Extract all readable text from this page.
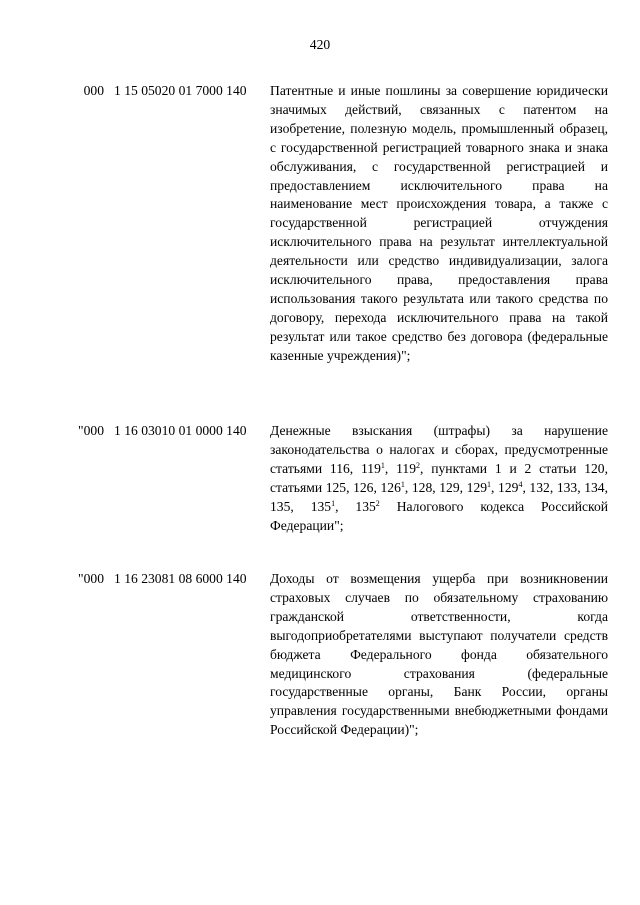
420
000 1 15 05020 01 7000 140	Патентные и иные пошлины за совершение юридически значимых действий, связанных с патентом на изобретение, полезную модель, промышленный образец, с государственной регистрацией товарного знака и знака обслуживания, с государственной регистрацией и предоставлением исключительного права на наименование мест происхождения товара, а также с государственной регистрацией отчуждения исключительного права на результат интеллектуальной деятельности или средство индивидуализации, залога исключительного права, предоставления права использования такого результата или такого средства по договору, перехода исключительного права на такой результат или такое средство без договора (федеральные казенные учреждения)";

"000 1 16 03010 01 0000 140	Денежные взыскания (штрафы) за нарушение законодательства о налогах и сборах, предусмотренные статьями 116, $119^1$, $119^2$, пунктами 1 и 2 статьи 120, статьями 125, 126, $126^1$, 128, 129, $129^1$, $129^4$, 132, 133, 134, 135, $135^1$, $135^2$ Налогового кодекса Российской Федерации";

"000 1 16 23081 08 6000 140	Доходы от возмещения ущерба при возникновении страховых случаев по обязательному страхованию гражданской ответственности, когда выгодоприобретателями выступают получатели средств бюджета Федерального фонда обязательного медицинского страхования (федеральные государственные органы, Банк России, органы управления государственными внебюджетными фондами Российской Федерации)";
